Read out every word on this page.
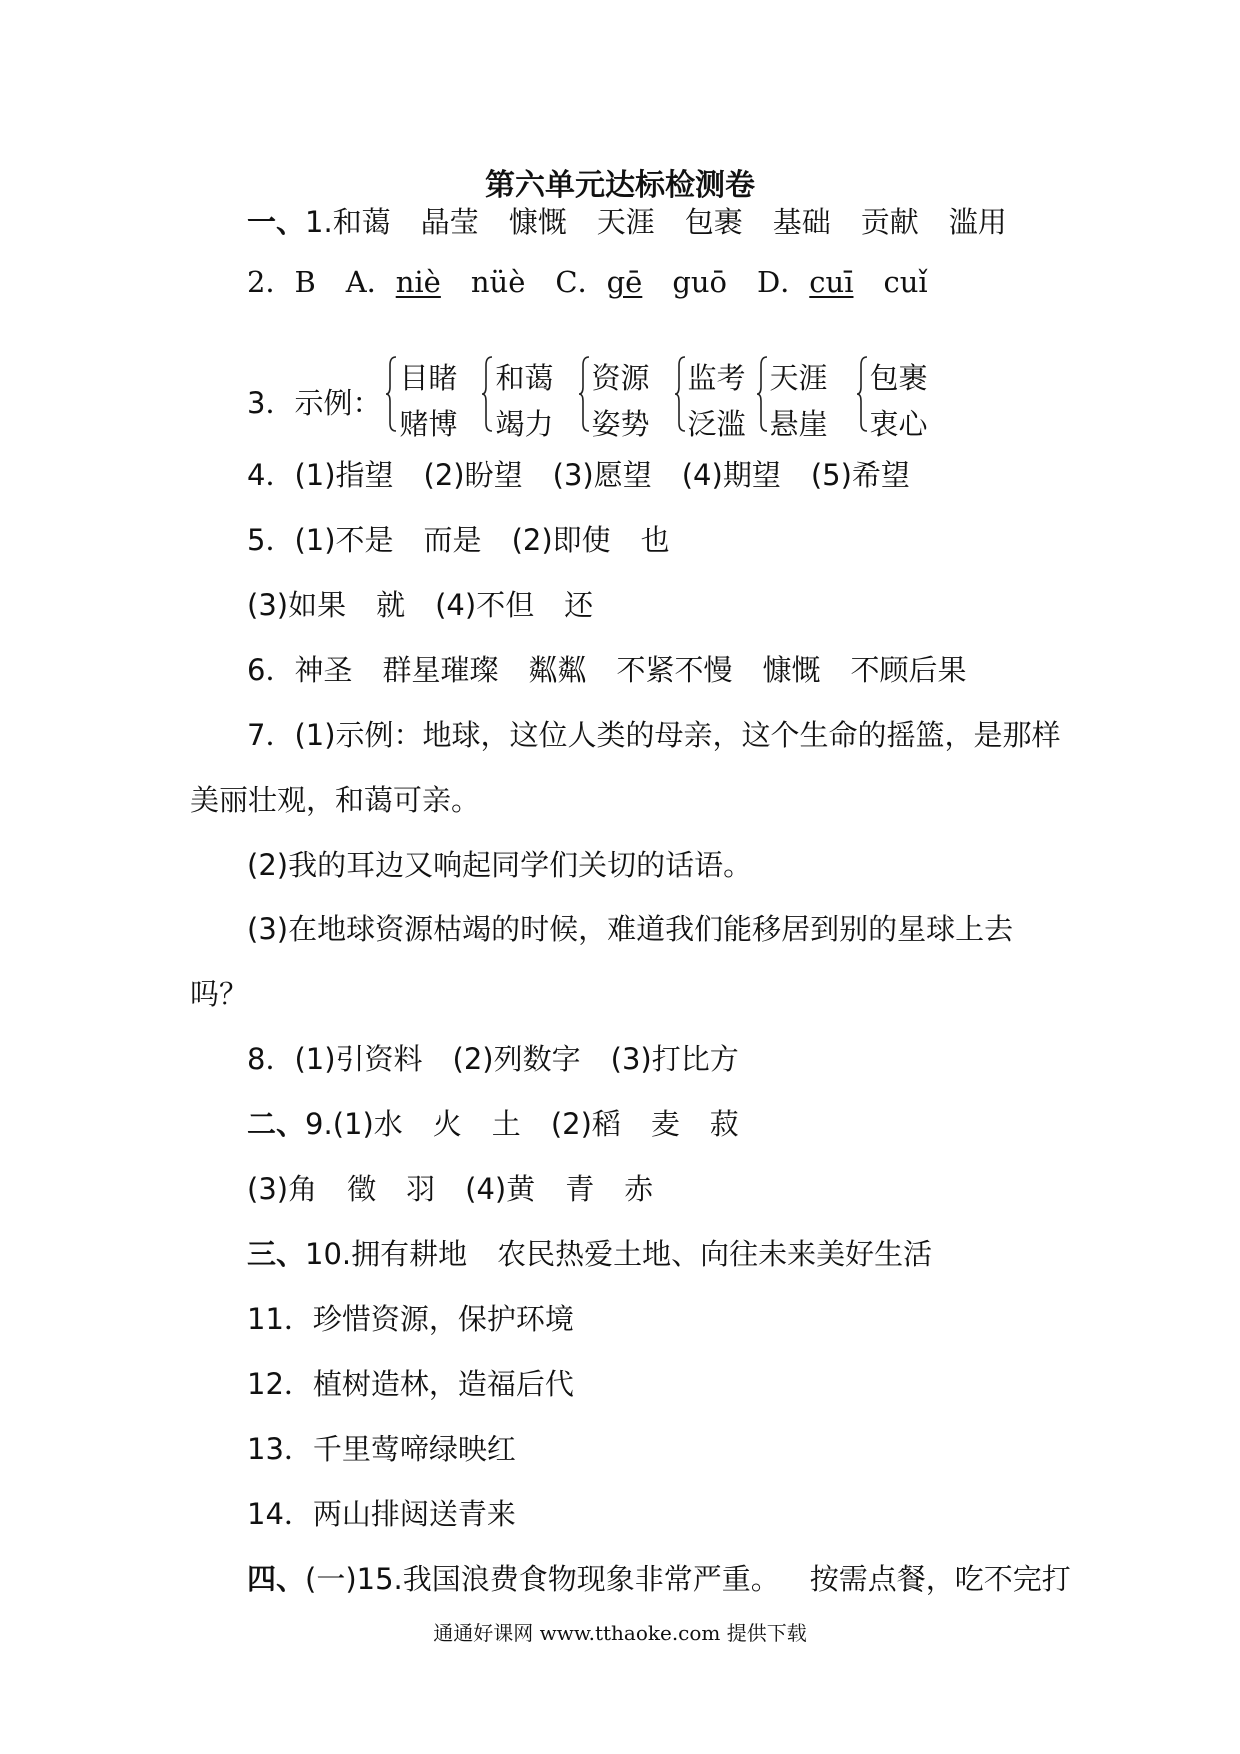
第六单元达标检测卷
一、1.和蔼 晶莹 慷慨 天涯 包裹 基础 贡献 滥用
2．B A．niè nüè C．gē guō D．cuī cuǐ
3． 示例：
目睹
赌博
和蔼
竭力
资源
姿势
监考
泛滥
天涯
悬崖
包裹
衷心
4．(1)指望 (2)盼望 (3)愿望 (4)期望 (5)希望
5．(1)不是 而是 (2)即使 也
(3)如果 就 (4)不但 还
6．神圣 群星璀璨 粼粼 不紧不慢 慷慨 不顾后果
7．(1)示例：地球，这位人类的母亲，这个生命的摇篮，是那样
美丽壮观，和蔼可亲。
(2)我的耳边又响起同学们关切的话语。
(3)在地球资源枯竭的时候，难道我们能移居到别的星球上去
吗？
8．(1)引资料 (2)列数字 (3)打比方
二、9.(1)水 火 土 (2)稻 麦 菽
(3)角 徵 羽 (4)黄 青 赤
三、10.拥有耕地 农民热爱土地、向往未来美好生活
11．珍惜资源，保护环境
12．植树造林，造福后代
13．千里莺啼绿映红
14．两山排闼送青来
四、(一)15.我国浪费食物现象非常严重。 按需点餐，吃不完打
通通好课网 www.tthaoke.com 提供下载
